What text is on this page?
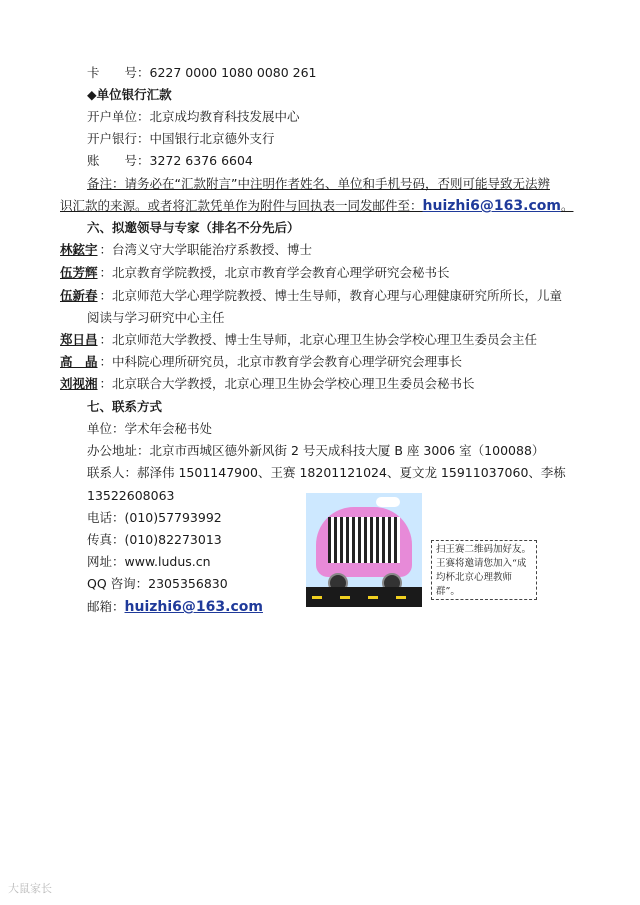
卡　　号：6227 0000 1080 0080 261
◆单位银行汇款
开户单位：北京成均教育科技发展中心
开户银行：中国银行北京德外支行
账　　号：3272 6376 6604
备注：请务必在“汇款附言”中注明作者姓名、单位和手机号码，否则可能导致无法辨
识汇款的来源。或者将汇款凭单作为附件与回执表一同发邮件至：huizhi6@163.com。
六、拟邀领导与专家（排名不分先后）
林鉉宇 ：台湾义守大学职能治疗系教授、博士
伍芳辉 ：北京教育学院教授，北京市教育学会教育心理学研究会秘书长
伍新春 ：北京师范大学心理学院教授、博士生导师，教育心理与心理健康研究所所长，儿童
阅读与学习研究中心主任
郑日昌 ：北京师范大学教授、博士生导师，北京心理卫生协会学校心理卫生委员会主任
高　晶 ：中科院心理所研究员，北京市教育学会教育心理学研究会理事长
刘视湘 ：北京联合大学教授，北京心理卫生协会学校心理卫生委员会秘书长
七、联系方式
单位：学术年会秘书处
办公地址：北京市西城区德外新风街 2 号天成科技大厦 B 座 3006 室（100088）
联系人：郝泽伟 1501147900、王赛 18201121024、夏文龙 15911037060、李栋
13522608063
电话：(010)57793992
传真：(010)82273013
网址：www.ludus.cn
QQ 咨询：2305356830
邮箱：huizhi6@163.com
扫王赛二维码加好友。王赛将邀请您加入“成均杯北京心理教师群”。
大鼠家长
